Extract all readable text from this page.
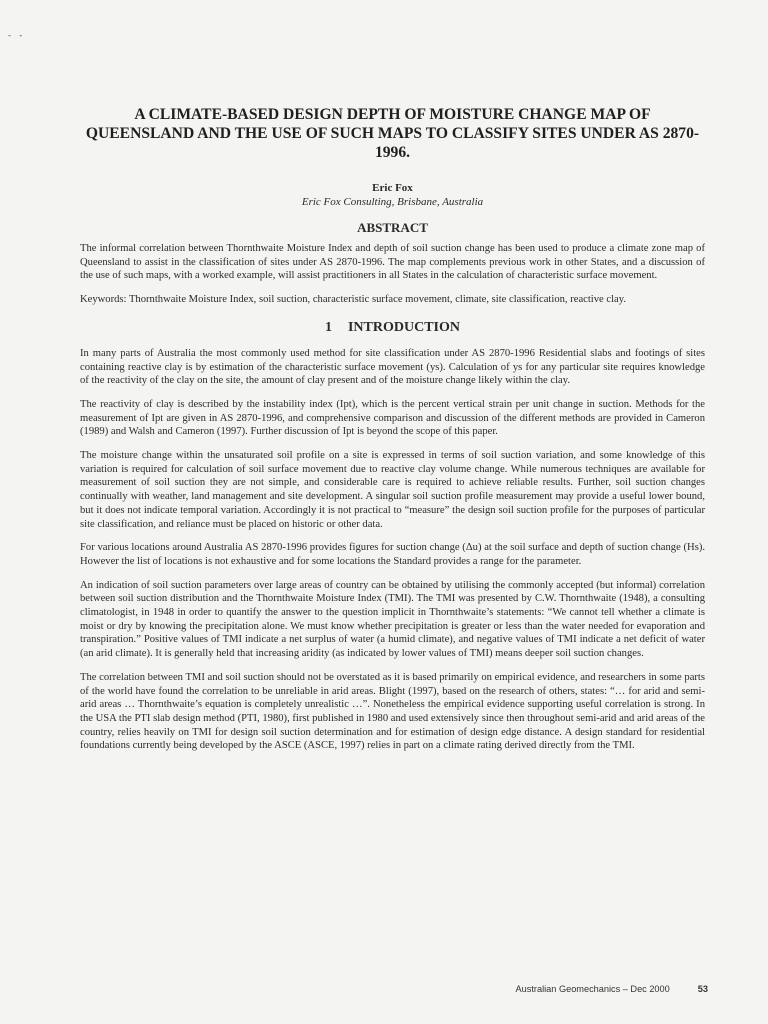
- -
A CLIMATE-BASED DESIGN DEPTH OF MOISTURE CHANGE MAP OF QUEENSLAND AND THE USE OF SUCH MAPS TO CLASSIFY SITES UNDER AS 2870-1996.
Eric Fox
Eric Fox Consulting, Brisbane, Australia
ABSTRACT

The informal correlation between Thornthwaite Moisture Index and depth of soil suction change has been used to produce a climate zone map of Queensland to assist in the classification of sites under AS 2870-1996. The map complements previous work in other States, and a discussion of the use of such maps, with a worked example, will assist practitioners in all States in the calculation of characteristic surface movement.

Keywords: Thornthwaite Moisture Index, soil suction, characteristic surface movement, climate, site classification, reactive clay.

1 INTRODUCTION

In many parts of Australia the most commonly used method for site classification under AS 2870-1996 Residential slabs and footings of sites containing reactive clay is by estimation of the characteristic surface movement (ys). Calculation of ys for any particular site requires knowledge of the reactivity of the clay on the site, the amount of clay present and of the moisture change likely within the clay.

The reactivity of clay is described by the instability index (Ipt), which is the percent vertical strain per unit change in suction. Methods for the measurement of Ipt are given in AS 2870-1996, and comprehensive comparison and discussion of the different methods are provided in Cameron (1989) and Walsh and Cameron (1997). Further discussion of Ipt is beyond the scope of this paper.

The moisture change within the unsaturated soil profile on a site is expressed in terms of soil suction variation, and some knowledge of this variation is required for calculation of soil surface movement due to reactive clay volume change. While numerous techniques are available for measurement of soil suction they are not simple, and considerable care is required to achieve reliable results. Further, soil suction changes continually with weather, land management and site development. A singular soil suction profile measurement may provide a useful lower bound, but it does not indicate temporal variation. Accordingly it is not practical to “measure” the design soil suction profile for the purposes of particular site classification, and reliance must be placed on historic or other data.

For various locations around Australia AS 2870-1996 provides figures for suction change (Δu) at the soil surface and depth of suction change (Hs). However the list of locations is not exhaustive and for some locations the Standard provides a range for the parameter.

An indication of soil suction parameters over large areas of country can be obtained by utilising the commonly accepted (but informal) correlation between soil suction distribution and the Thornthwaite Moisture Index (TMI). The TMI was presented by C.W. Thornthwaite (1948), a consulting climatologist, in 1948 in order to quantify the answer to the question implicit in Thornthwaite’s statements: “We cannot tell whether a climate is moist or dry by knowing the precipitation alone. We must know whether precipitation is greater or less than the water needed for evaporation and transpiration.” Positive values of TMI indicate a net surplus of water (a humid climate), and negative values of TMI indicate a net deficit of water (an arid climate). It is generally held that increasing aridity (as indicated by lower values of TMI) means deeper soil suction changes.

The correlation between TMI and soil suction should not be overstated as it is based primarily on empirical evidence, and researchers in some parts of the world have found the correlation to be unreliable in arid areas. Blight (1997), based on the research of others, states: “… for arid and semi-arid areas … Thornthwaite’s equation is completely unrealistic …”. Nonetheless the empirical evidence supporting useful correlation is strong. In the USA the PTI slab design method (PTI, 1980), first published in 1980 and used extensively since then throughout semi-arid and arid areas of the country, relies heavily on TMI for design soil suction determination and for estimation of design edge distance. A design standard for residential foundations currently being developed by the ASCE (ASCE, 1997) relies in part on a climate rating derived directly from the TMI.

Australian Geomechanics – Dec 2000	53
